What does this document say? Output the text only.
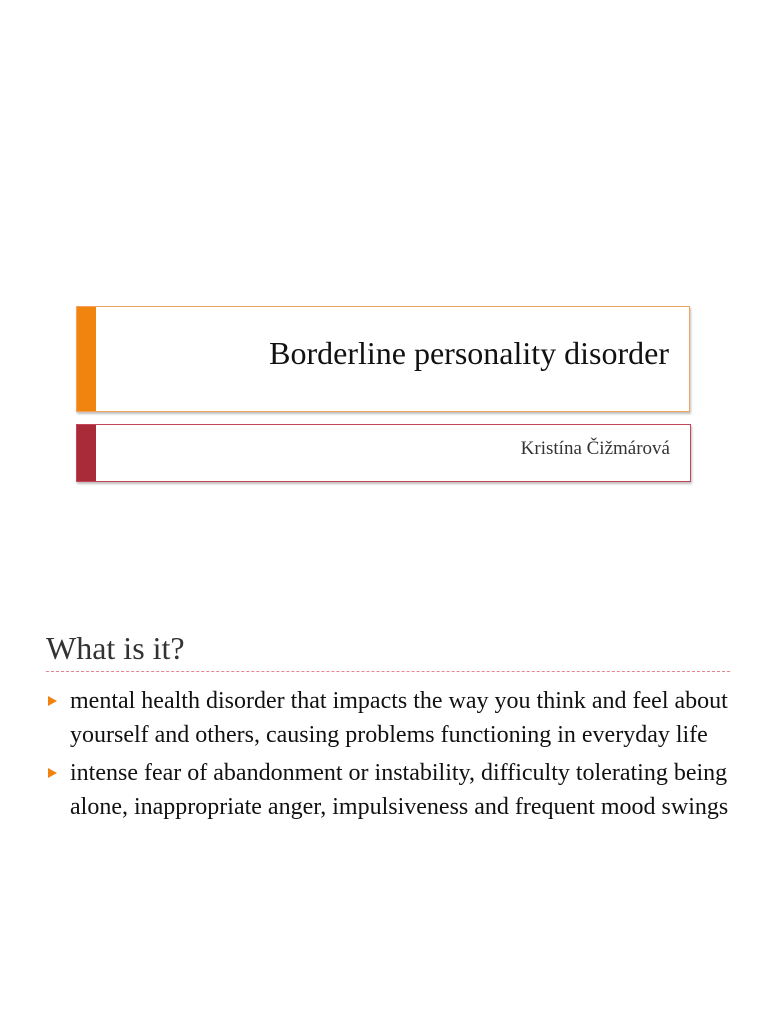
Borderline personality disorder
Kristína Čižmárová
What is it?
mental health disorder that impacts the way you think and feel about yourself and others, causing problems functioning in everyday life
intense fear of abandonment or instability, difficulty tolerating being alone, inappropriate anger, impulsiveness and frequent mood swings
